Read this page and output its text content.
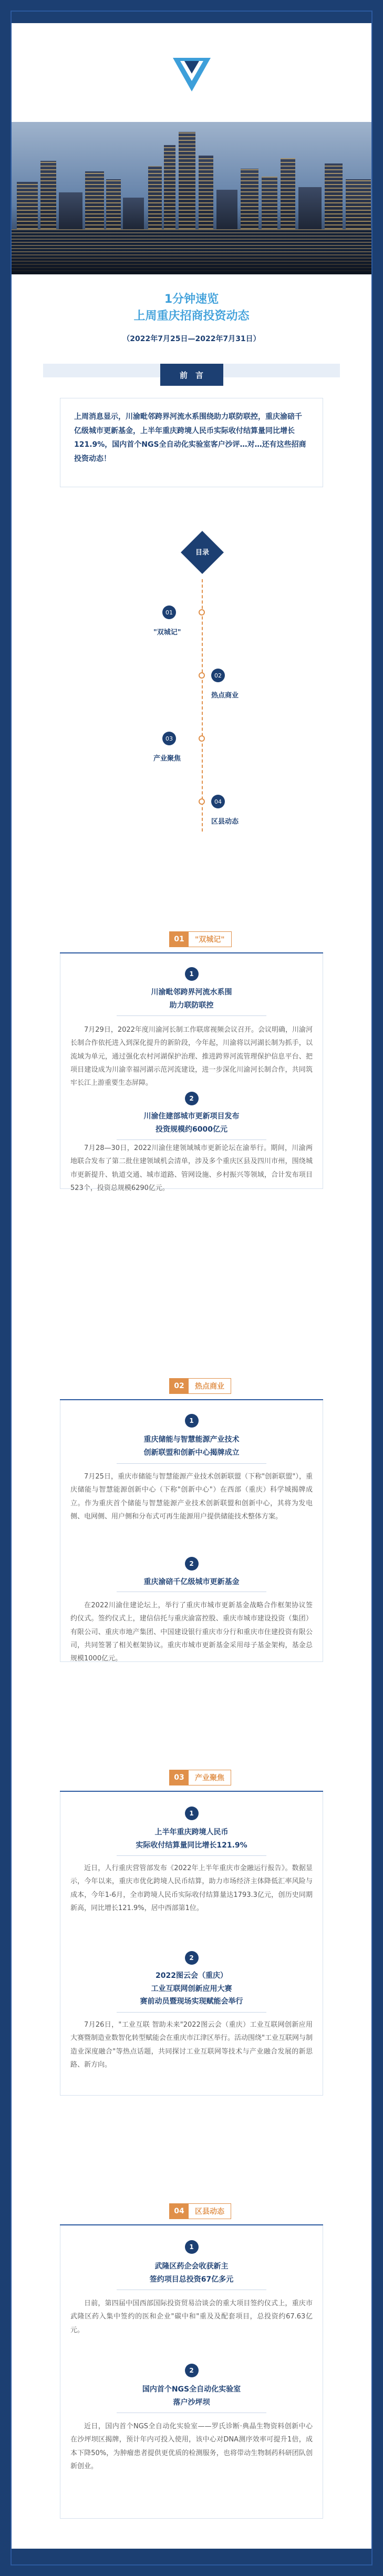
1分钟速览
上周重庆招商投资动态
（2022年7月25日—2022年7月31日）
前　言
上周消息显示，川渝毗邻跨界河流水系围绕助力联防联控，重庆渝碚千亿级城市更新基金，上半年重庆跨境人民币实际收付结算量同比增长121.9%，国内首个NGS全自动化实验室客户沙评…对…还有这些招商投资动态！
目录
01
"双城记"
02
热点商业
03
产业聚焦
04
区县动态
01	"双城记"
1
川渝毗邻跨界河流水系围
助力联防联控
7月29日，2022年度川渝河长制工作联席视频会议召开。会议明确，川渝河长制合作依托进入到深化提升的新阶段，今年起，川渝将以河湖长制为抓手，以流域为单元，通过强化农村河湖保护治理、推进跨界河流管理保护信息平台、把项目建设成为川渝幸福河湖示范河流建设，进一步深化川渝河长制合作，共同筑牢长江上游重要生态屏障。
2
川渝住建部城市更新项目发布
投资规模约6000亿元
7月28—30日，2022川渝住建领域城市更新论坛在渝举行。期间，川渝两地联合发布了第二批住建领域机会清单，涉及多个重庆区县及四川市州，围绕城市更新提升、轨道交通、城市道路、管网设施、乡村振兴等领域，合计发布项目523个，投资总规模6290亿元。
02	热点商业
1
重庆储能与智慧能源产业技术
创新联盟和创新中心揭牌成立
7月25日，重庆市储能与智慧能源产业技术创新联盟（下称"创新联盟"），重庆储能与智慧能源创新中心（下称"创新中心"）在西部（重庆）科学城揭牌成立。作为重庆首个储能与智慧能源产业技术创新联盟和创新中心，其将为发电侧、电网侧、用户侧和分布式可再生能源用户提供储能技术整体方案。
2
重庆渝碚千亿级城市更新基金
在2022川渝住建论坛上，举行了重庆市城市更新基金战略合作框架协议签约仪式。签约仪式上，建信信托与重庆渝富控股、重庆市城市建设投资（集团）有限公司、重庆市地产集团、中国建设银行重庆市分行和重庆市住建投资有限公司，共同签署了相关框架协议。重庆市城市更新基金采用母子基金架构，基金总规模1000亿元。
03	产业聚焦
1
上半年重庆跨境人民币
实际收付结算量同比增长121.9%
近日，人行重庆营管部发布《2022年上半年重庆市金融运行报告》。数据显示，今年以来，重庆市优化跨境人民币结算，助力市场经济主体降低汇率风险与成本，今年1-6月，全市跨境人民币实际收付结算量达1793.3亿元，创历史同期新高，同比增长121.9%，居中西部第1位。
2
2022图云会（重庆）
工业互联网创新应用大赛
赛前动员暨现场实现赋能会举行
7月26日，"工业互联 智助未来"2022图云会（重庆）工业互联网创新应用大赛暨制造业数智化转型赋能会在重庆市江津区举行。活动围绕"工业互联网与制造业深度融合"等热点话题，共同探讨工业互联网等技术与产业融合发展的新思路、新方向。
04	区县动态
1
武隆区药企会收获新主
签约项目总投资67亿多元
日前，第四届中国西部国际投资贸易洽谈会的重大项目签约仪式上，重庆市武隆区药入集中签约的医和企业"碳中和"重及及配套项目，总投资约67.63亿元。
2
国内首个NGS全自动化实验室
落户沙坪坝
近日，国内首个NGS全自动化实验室——罗氏诊断·典晶生物资料创新中心在沙坪坝区揭牌，预计年内可投入使用，该中心对DNA测序效率可提升1倍，成本下降50%，为肿瘤患者提供更优质的检测服务，也将带动生物制药科研团队创新创业。
